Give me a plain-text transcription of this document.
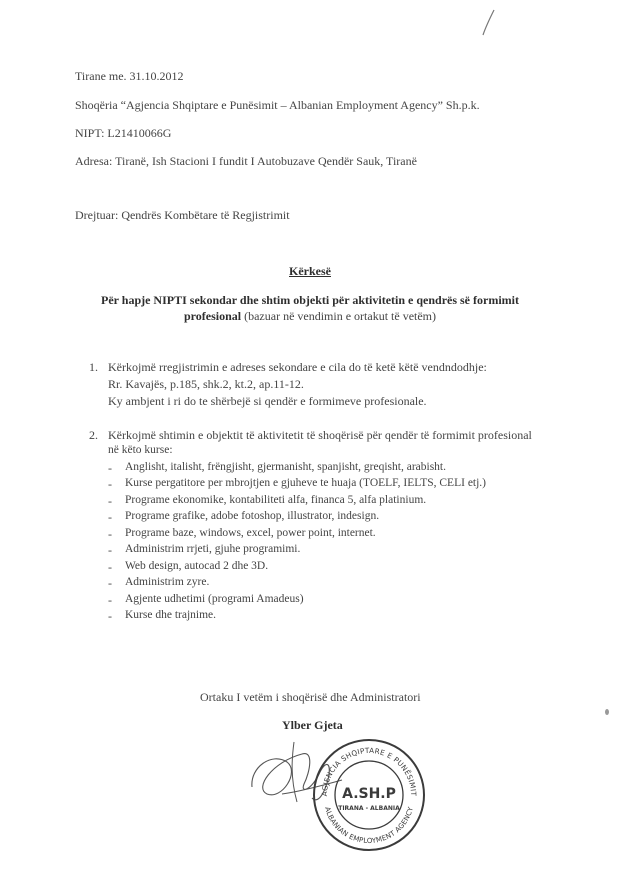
Tirane me. 31.10.2012
Shoqëria “Agjencia Shqiptare e Punësimit – Albanian Employment Agency” Sh.p.k.
NIPT: L21410066G
Adresa: Tiranë, Ish Stacioni I fundit I Autobuzave Qendër Sauk, Tiranë
Drejtuar: Qendrës Kombëtare të Regjistrimit
Kërkesë
Për hapje NIPTI sekondar dhe shtim objekti për aktivitetin e qendrës së formimit
profesional (bazuar në vendimin e ortakut të vetëm)
1. Kërkojmë rregjistrimin e adreses sekondare e cila do të ketë këtë vendndodhje:
Rr. Kavajës, p.185, shk.2, kt.2, ap.11-12.
Ky ambjent i ri do te shërbejë si qendër e formimeve profesionale.
2. Kërkojmë shtimin e objektit të aktivitetit të shoqërisë për qendër të formimit profesional
në këto kurse:
- Anglisht, italisht, frëngjisht, gjermanisht, spanjisht, greqisht, arabisht.
- Kurse pergatitore per mbrojtjen e gjuheve te huaja (TOELF, IELTS, CELI etj.)
- Programe ekonomike, kontabiliteti alfa, financa 5, alfa platinium.
- Programe grafike, adobe fotoshop, illustrator, indesign.
- Programe baze, windows, excel, power point, internet.
- Administrim rrjeti, gjuhe programimi.
- Web design, autocad 2 dhe 3D.
- Administrim zyre.
- Agjente udhetimi (programi Amadeus)
- Kurse dhe trajnime.
Ortaku I vetëm i shoqërisë dhe Administratori
Ylber Gjeta
AGJENCIA SHQIPTARE E PUNËSIMIT
ALBANIAN EMPLOYMENT AGENCY
A.SH.P
TIRANA - ALBANIA
